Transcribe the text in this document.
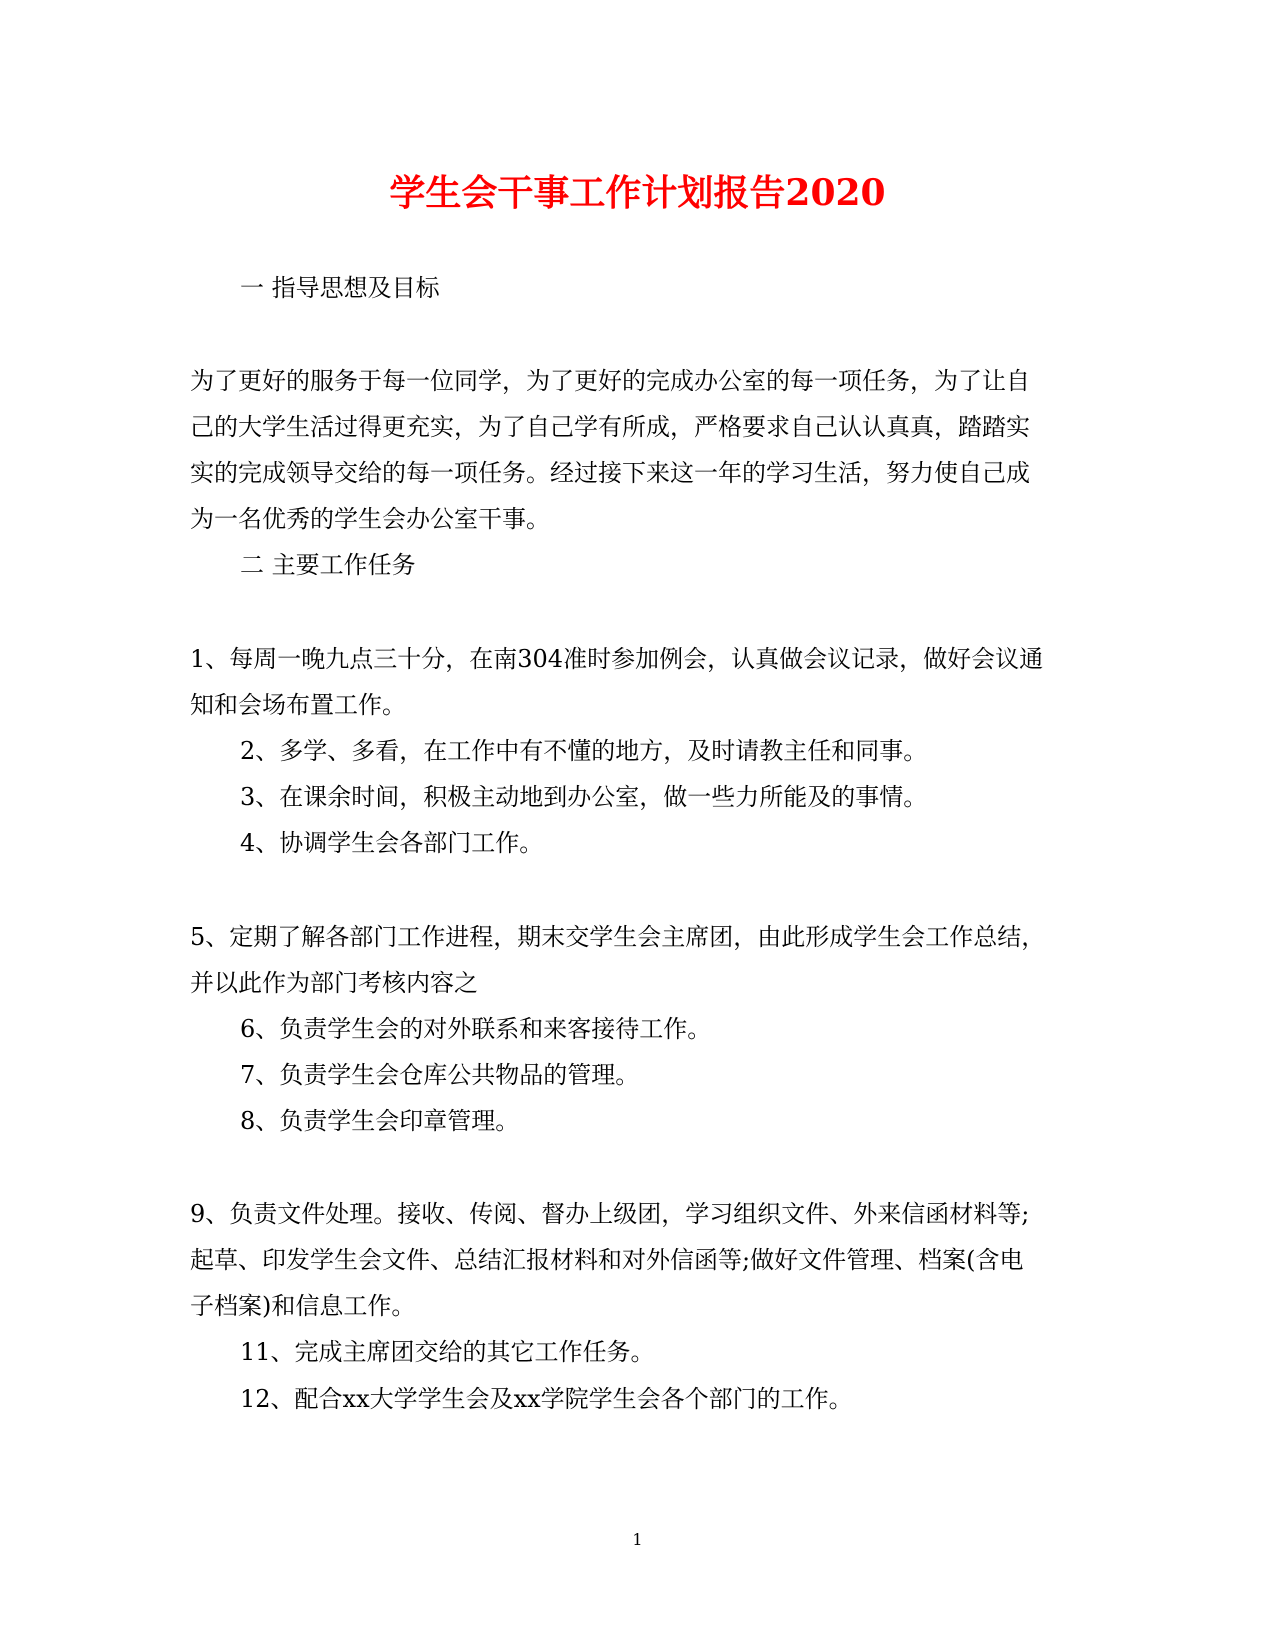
学生会干事工作计划报告2020
一 指导思想及目标
为了更好的服务于每一位同学，为了更好的完成办公室的每一项任务，为了让自
己的大学生活过得更充实，为了自己学有所成，严格要求自己认认真真，踏踏实
实的完成领导交给的每一项任务。经过接下来这一年的学习生活，努力使自己成
为一名优秀的学生会办公室干事。
二 主要工作任务
1、每周一晚九点三十分，在南304准时参加例会，认真做会议记录，做好会议通
知和会场布置工作。
2、多学、多看，在工作中有不懂的地方，及时请教主任和同事。
3、在课余时间，积极主动地到办公室，做一些力所能及的事情。
4、协调学生会各部门工作。
5、定期了解各部门工作进程，期末交学生会主席团，由此形成学生会工作总结，
并以此作为部门考核内容之
6、负责学生会的对外联系和来客接待工作。
7、负责学生会仓库公共物品的管理。
8、负责学生会印章管理。
9、负责文件处理。接收、传阅、督办上级团，学习组织文件、外来信函材料等;
起草、印发学生会文件、总结汇报材料和对外信函等;做好文件管理、档案(含电
子档案)和信息工作。
11、完成主席团交给的其它工作任务。
12、配合xx大学学生会及xx学院学生会各个部门的工作。
1
